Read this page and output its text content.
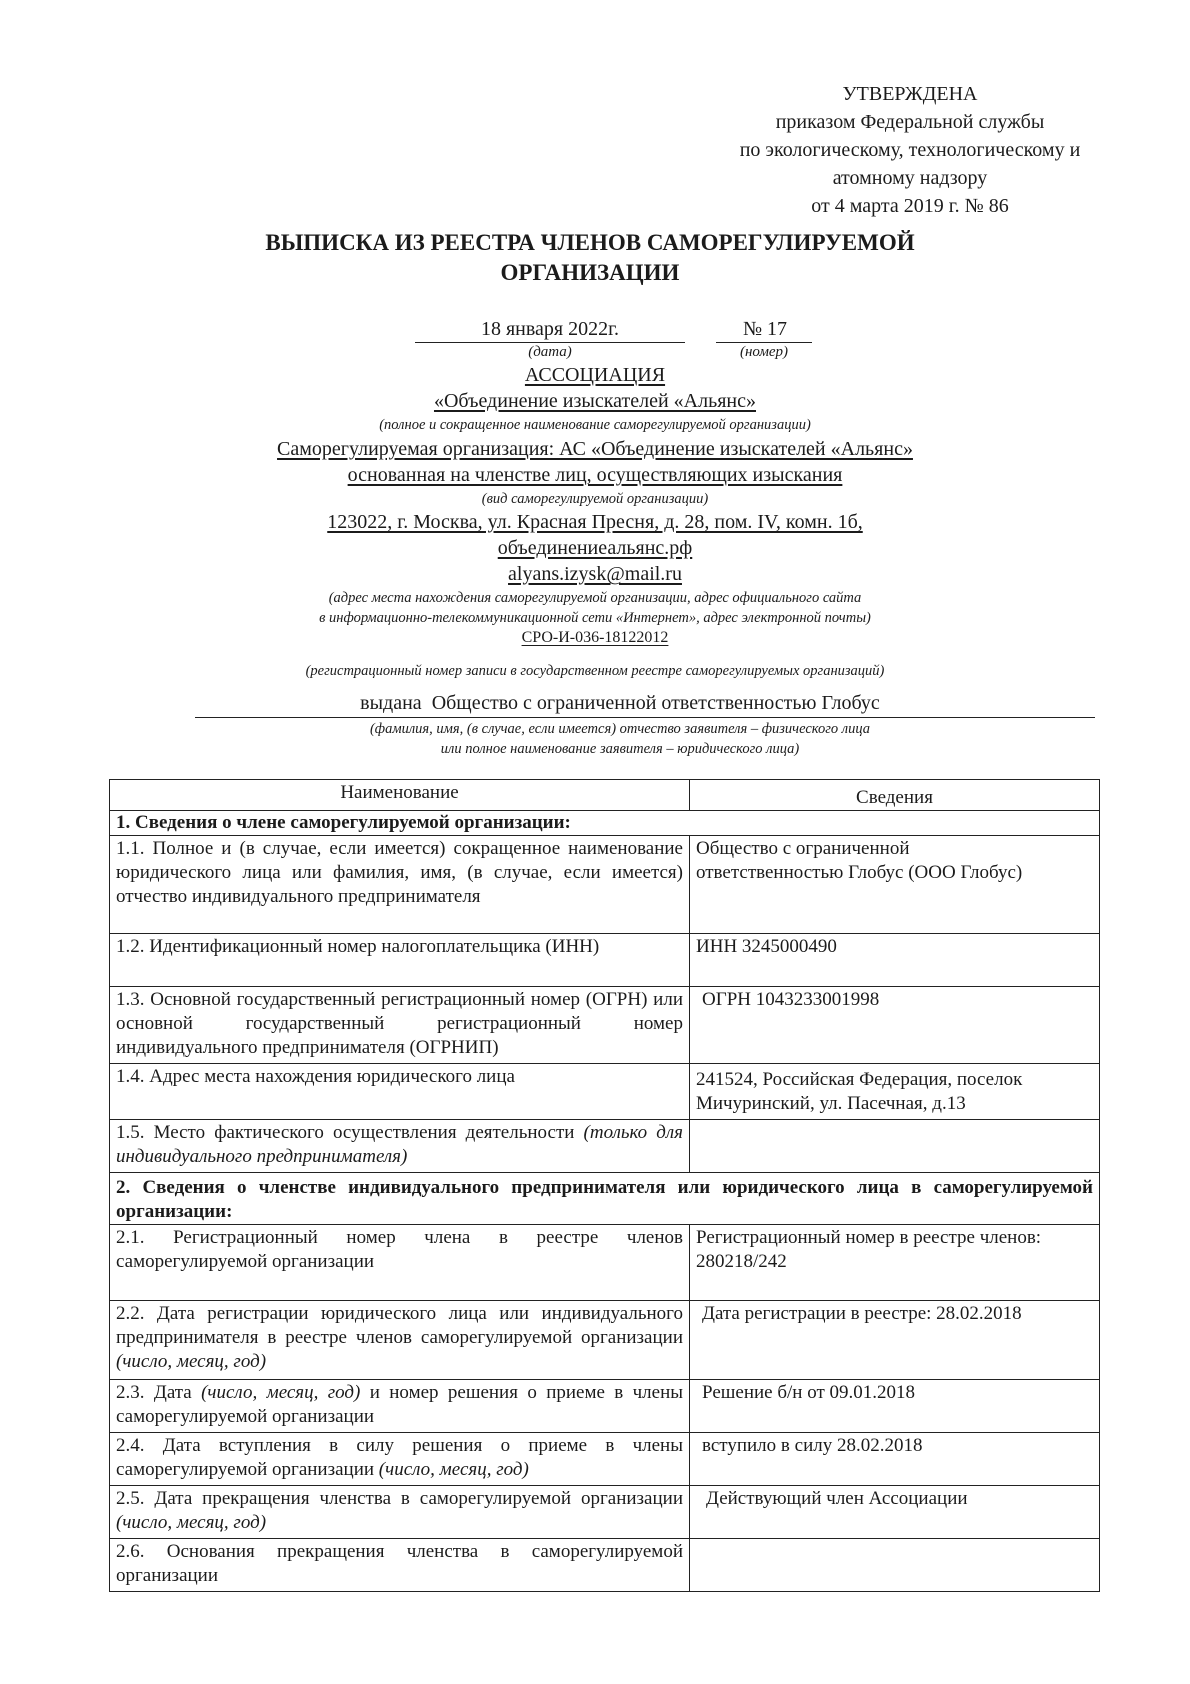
УТВЕРЖДЕНА
приказом Федеральной службы
по экологическому, технологическому и
атомному надзору
от 4 марта 2019 г. № 86
ВЫПИСКА ИЗ РЕЕСТРА ЧЛЕНОВ САМОРЕГУЛИРУЕМОЙ
ОРГАНИЗАЦИИ
18 января 2022г.
(дата)
№ 17
(номер)
АССОЦИАЦИЯ
«Объединение изыскателей «Альянс»
(полное и сокращенное наименование саморегулируемой организации)
Саморегулируемая организация: АС «Объединение изыскателей «Альянс»
основанная на членстве лиц, осуществляющих изыскания
(вид саморегулируемой организации)
123022, г. Москва, ул. Красная Пресня, д. 28, пом. IV, комн. 1б,
объединениеальянс.рф
alyans.izysk@mail.ru
(адрес места нахождения саморегулируемой организации, адрес официального сайта
в информационно-телекоммуникационной сети «Интернет», адрес электронной почты)
СРО-И-036-18122012
(регистрационный номер записи в государственном реестре саморегулируемых организаций)
выдана Общество с ограниченной ответственностью Глобус
(фамилия, имя, (в случае, если имеется) отчество заявителя – физического лица
или полное наименование заявителя – юридического лица)
Наименование	Сведения
1. Сведения о члене саморегулируемой организации:	
1.1. Полное и (в случае, если имеется) сокращенное наименование юридического лица или фамилия, имя, (в случае, если имеется) отчество индивидуального предпринимателя	Общество с ограниченной
ответственностью Глобус (ООО Глобус)

1.2. Идентификационный номер налогоплательщика (ИНН)	ИНН 3245000490
1.3. Основной государственный регистрационный номер (ОГРН) или основной государственный регистрационный номер индивидуального предпринимателя (ОГРНИП)	ОГРН 1043233001998
1.4. Адрес места нахождения юридического лица	241524, Российская Федерация, поселок
Мичуринский, ул. Пасечная, д.13

1.5. Место фактического осуществления деятельности (только для индивидуального предпринимателя)	
2. Сведения о членстве индивидуального предпринимателя или юридического лица в саморегулируемой организации:	
2.1. Регистрационный номер члена в реестре членов саморегулируемой организации	Регистрационный номер в реестре членов:
280218/242

2.2. Дата регистрации юридического лица или индивидуального предпринимателя в реестре членов саморегулируемой организации (число, месяц, год)	Дата регистрации в реестре: 28.02.2018
2.3. Дата (число, месяц, год) и номер решения о приеме в члены саморегулируемой организации	Решение б/н от 09.01.2018
2.4. Дата вступления в силу решения о приеме в члены саморегулируемой организации (число, месяц, год)	вступило в силу 28.02.2018
2.5. Дата прекращения членства в саморегулируемой организации (число, месяц, год)	Действующий член Ассоциации
2.6. Основания прекращения членства в саморегулируемой организации	
